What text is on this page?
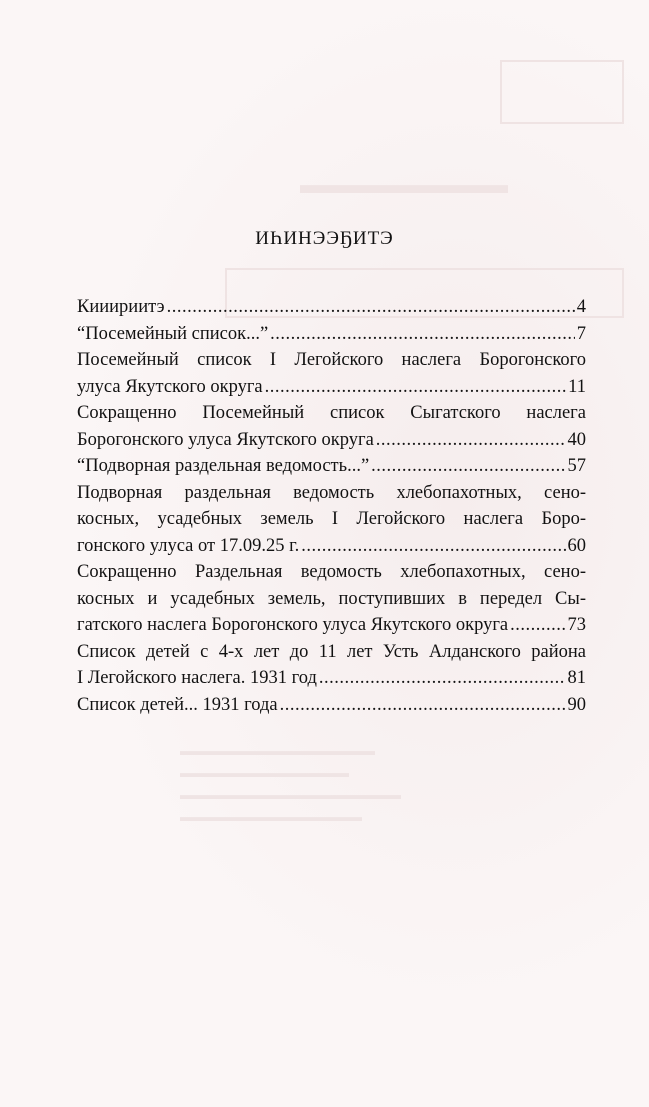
▬▬▬▬▬▬▬▬
▬▬▬▬▬▬▬▬▬▬▬▬▬▬▬
▬▬▬▬▬▬▬▬▬▬▬▬▬
▬▬▬▬▬▬▬▬▬▬▬▬▬▬▬▬▬
▬▬▬▬▬▬▬▬▬▬▬▬▬▬
ИҺИНЭЭҔИТЭ
Кииириитэ .....	4
“Посемейный список...” .....	7
Посемейный список I Легойского наслега Борогонского
улуса Якутского округа .....	11
Сокращенно Посемейный список Сыгатского наслега
Борогонского улуса Якутского округа .....	40
“Подворная раздельная ведомость...” .....	57
Подворная раздельная ведомость хлебопахотных, сено-
косных, усадебных земель I Легойского наслега Боро-
гонского улуса от 17.09.25 г. .....	60
Сокращенно Раздельная ведомость хлебопахотных, сено-
косных и усадебных земель, поступивших в передел Сы-
гатского наслега Борогонского улуса Якутского округа .....	73
Список детей с 4-х лет до 11 лет Усть Алданского района
I Легойского наслега. 1931 год .....	81
Список детей... 1931 года .....	90
